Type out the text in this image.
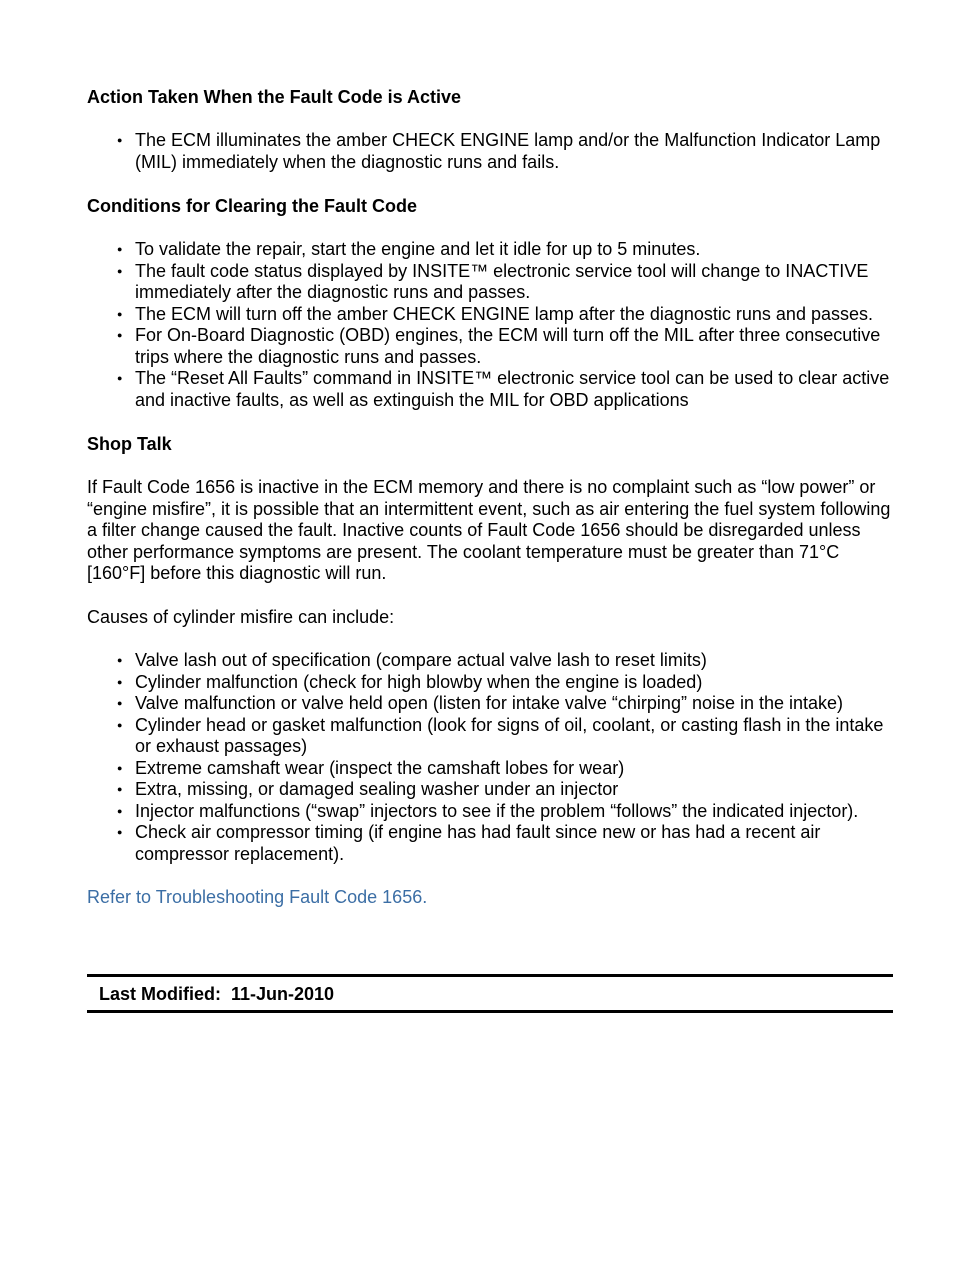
Action Taken When the Fault Code is Active
● The ECM illuminates the amber CHECK ENGINE lamp and/or the Malfunction Indicator Lamp (MIL) immediately when the diagnostic runs and fails.
Conditions for Clearing the Fault Code
● To validate the repair, start the engine and let it idle for up to 5 minutes.
● The fault code status displayed by INSITE™ electronic service tool will change to INACTIVE immediately after the diagnostic runs and passes.
● The ECM will turn off the amber CHECK ENGINE lamp after the diagnostic runs and passes.
● For On-Board Diagnostic (OBD) engines, the ECM will turn off the MIL after three consecutive trips where the diagnostic runs and passes.
● The “Reset All Faults” command in INSITE™ electronic service tool can be used to clear active and inactive faults, as well as extinguish the MIL for OBD applications
Shop Talk

If Fault Code 1656 is inactive in the ECM memory and there is no complaint such as “low power” or “engine misfire”, it is possible that an intermittent event, such as air entering the fuel system following a filter change caused the fault. Inactive counts of Fault Code 1656 should be disregarded unless other performance symptoms are present. The coolant temperature must be greater than 71°C [160°F] before this diagnostic will run.

Causes of cylinder misfire can include:

● Valve lash out of specification (compare actual valve lash to reset limits)
● Cylinder malfunction (check for high blowby when the engine is loaded)
● Valve malfunction or valve held open (listen for intake valve “chirping” noise in the intake)
● Cylinder head or gasket malfunction (look for signs of oil, coolant, or casting flash in the intake or exhaust passages)
● Extreme camshaft wear (inspect the camshaft lobes for wear)
● Extra, missing, or damaged sealing washer under an injector
● Injector malfunctions (“swap” injectors to see if the problem “follows” the indicated injector).
● Check air compressor timing (if engine has had fault since new or has had a recent air compressor replacement).

Refer to Troubleshooting Fault Code 1656.

Last Modified:  11-Jun-2010
